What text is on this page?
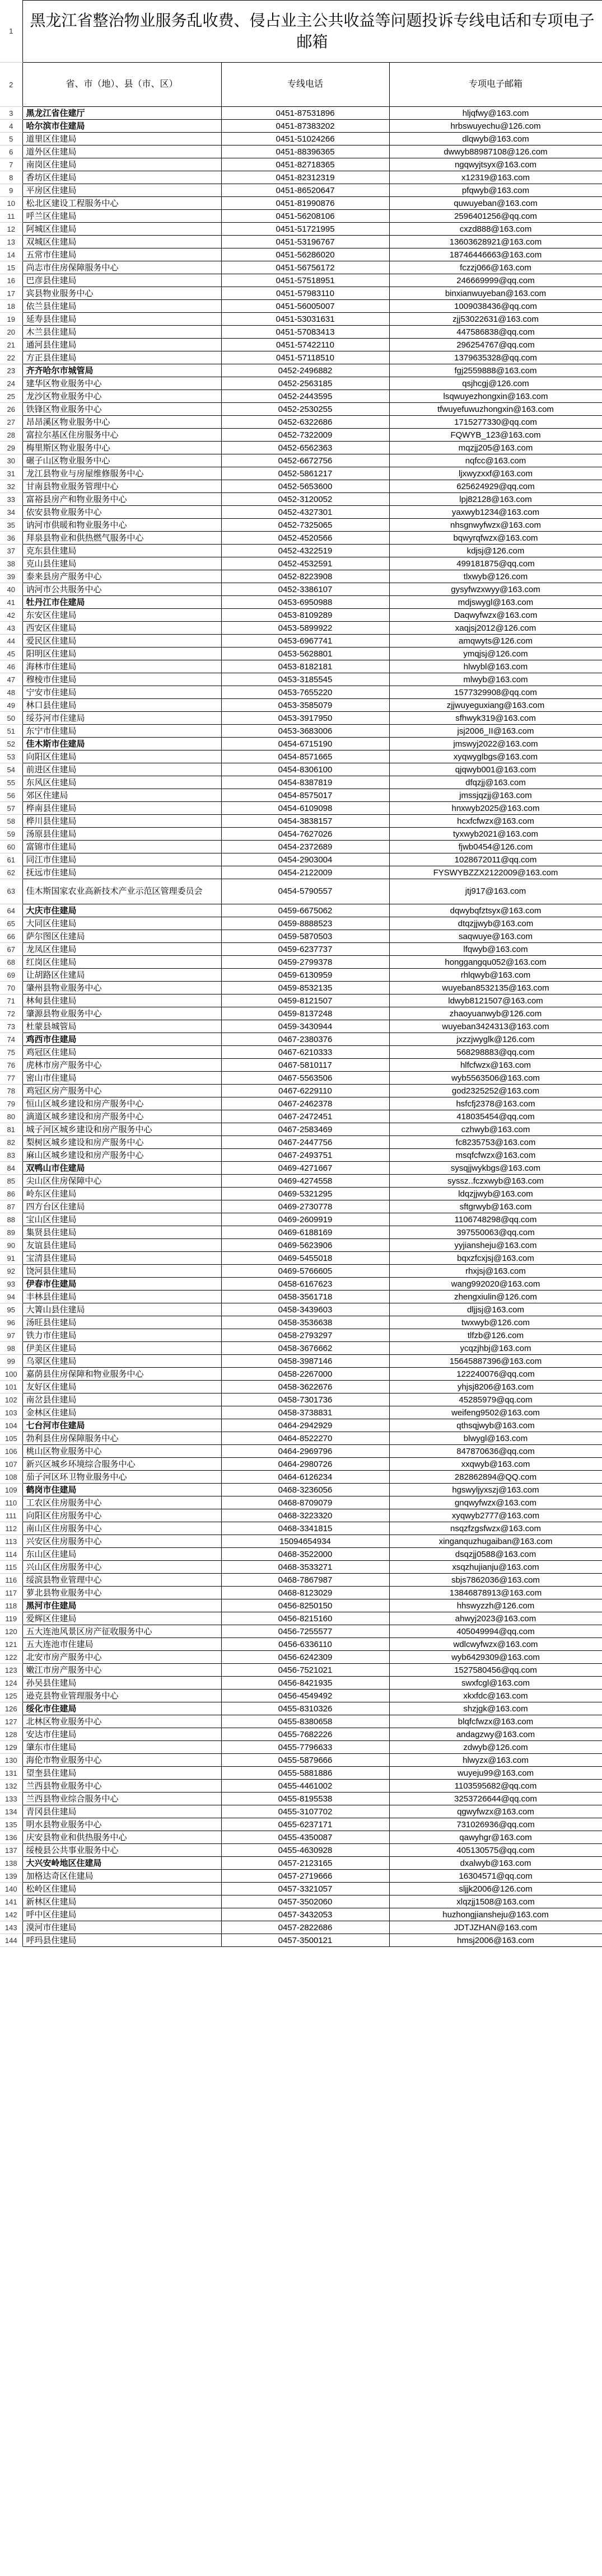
1	黑龙江省整治物业服务乱收费、侵占业主公共收益等问题投诉专线电话和专项电子邮箱		
2	省、市（地）、县（市、区）	专线电话	专项电子邮箱
3	黑龙江省住建厅	0451-87531896	hljqfwy@163.com
4	哈尔滨市住建局	0451-87383202	hrbswuyechu@126.com
5	道里区住建局	0451-51024266	dlqwyb@163.com
6	道外区住建局	0451-88396365	dwwyb88987108@126.com
7	南岗区住建局	0451-82718365	ngqwyjtsyx@163.com
8	香坊区住建局	0451-82312319	x12319@163.com
9	平房区住建局	0451-86520647	pfqwyb@163.com
10	松北区建设工程服务中心	0451-81990876	quwuyeban@163.com
11	呼兰区住建局	0451-56208106	2596401256@qq.com
12	阿城区住建局	0451-51721995	cxzd888@163.com
13	双城区住建局	0451-53196767	13603628921@163.com
14	五常市住建局	0451-56286020	18746446663@163.com
15	尚志市住房保障服务中心	0451-56756172	fczzj066@163.com
16	巴彦县住建局	0451-57518951	246669999@qq.com
17	宾县物业服务中心	0451-57983110	binxianwuyeban@163.com
18	依兰县住建局	0451-56005007	1009038436@qq.com
19	延寿县住建局	0451-53031631	zjj53022631@163.com
20	木兰县住建局	0451-57083413	447586838@qq.com
21	通河县住建局	0451-57422110	296254767@qq.com
22	方正县住建局	0451-57118510	1379635328@qq.com
23	齐齐哈尔市城管局	0452-2496882	fgj2559888@163.com
24	建华区物业服务中心	0452-2563185	qsjhcgj@126.com
25	龙沙区物业服务中心	0452-2443595	lsqwuyezhongxin@163.com
26	铁锋区物业服务中心	0452-2530255	tfwuyefuwuzhongxin@163.com
27	昂昂溪区物业服务中心	0452-6322686	1715277330@qq.com
28	富拉尔基区住房服务中心	0452-7322009	FQWYB_123@163.com
29	梅里斯区物业服务中心	0452-6562363	mqzjj205@163.com
30	碾子山区物业服务中心	0452-6672756	nqfcc@163.com
31	龙江县物业与房屋维修服务中心	0452-5861217	ljxwyzxxf@163.com
32	甘南县物业服务管理中心	0452-5653600	625624929@qq.com
33	富裕县房产和物业服务中心	0452-3120052	lpj82128@163.com
34	依安县物业服务中心	0452-4327301	yaxwyb1234@163.com
35	讷河市供暖和物业服务中心	0452-7325065	nhsgnwyfwzx@163.com
36	拜泉县物业和供热燃气服务中心	0452-4520566	bqwyrqfwzx@163.com
37	克东县住建局	0452-4322519	kdjsj@126.com
38	克山县住建局	0452-4532591	499181875@qq.com
39	泰来县房产服务中心	0452-8223908	tlxwyb@126.com
40	讷河市公共服务中心	0452-3386107	gysyfwzxwyy@163.com
41	牡丹江市住建局	0453-6950988	mdjswygl@163.com
42	东安区住建局	0453-8109289	Daqwyfwzx@163.com
43	西安区住建局	0453-5899922	xaqjsj2012@126.com
44	爱民区住建局	0453-6967741	amqwyts@126.com
45	阳明区住建局	0453-5628801	ymqjsj@126.com
46	海林市住建局	0453-8182181	hlwybl@163.com
47	穆棱市住建局	0453-3185545	mlwyb@163.com
48	宁安市住建局	0453-7655220	1577329908@qq.com
49	林口县住建局	0453-3585079	zjjwuyeguxiang@163.com
50	绥芬河市住建局	0453-3917950	sfhwyk319@163.com
51	东宁市住建局	0453-3683006	jsj2006_II@163.com
52	佳木斯市住建局	0454-6715190	jmswyj2022@163.com
53	向阳区住建局	0454-8571665	xyqwyglbgs@163.com
54	前进区住建局	0454-8306100	qjqwyb001@163.com
55	东风区住建局	0454-8387819	dfqzjj@163.com
56	郊区住建局	0454-8575017	jmssjqzjj@163.com
57	桦南县住建局	0454-6109098	hnxwyb2025@163.com
58	桦川县住建局	0454-3838157	hcxfcfwzx@163.com
59	汤原县住建局	0454-7627026	tyxwyb2021@163.com
60	富锦市住建局	0454-2372689	fjwb0454@126.com
61	同江市住建局	0454-2903004	1028672011@qq.com
62	抚远市住建局	0454-2122009	FYSWYBZZX2122009@163.com
63	佳木斯国家农业高新技术产业示范区管理委员会	0454-5790557	jtj917@163.com
64	大庆市住建局	0459-6675062	dqwybqfztsyx@163.com
65	大同区住建局	0459-8888523	dtqzjjwyb@163.com
66	萨尔图区住建局	0459-5870503	saqwuye@163.com
67	龙凤区住建局	0459-6237737	lfqwyb@163.com
68	红岗区住建局	0459-2799378	honggangqu052@163.com
69	让胡路区住建局	0459-6130959	rhlqwyb@163.com
70	肇州县物业服务中心	0459-8532135	wuyeban8532135@163.com
71	林甸县住建局	0459-8121507	ldwyb8121507@163.com
72	肇源县物业服务中心	0459-8137248	zhaoyuanwyb@126.com
73	杜蒙县城管局	0459-3430944	wuyeban3424313@163.com
74	鸡西市住建局	0467-2380376	jxzzjwyglk@126.com
75	鸡冠区住建局	0467-6210333	568298883@qq.com
76	虎林市房产服务中心	0467-5810117	hlfcfwzx@163.com
77	密山市住建局	0467-5563506	wyb5563506@163.com
78	鸡冠区房产服务中心	0467-6229110	god2325252@163.com
79	恒山区城乡建设和房产服务中心	0467-2462378	hsfcfj2378@163.com
80	滴道区城乡建设和房产服务中心	0467-2472451	418035454@qq.com
81	城子河区城乡建设和房产服务中心	0467-2583469	czhwyb@163.com
82	梨树区城乡建设和房产服务中心	0467-2447756	fc8235753@163.com
83	麻山区城乡建设和房产服务中心	0467-2493751	msqfcfwzx@163.com
84	双鸭山市住建局	0469-4271667	sysqjjwykbgs@163.com
85	尖山区住房保障中心	0469-4274558	syssz..fczxwyb@163.com
86	岭东区住建局	0469-5321295	ldqzjjwyb@163.com
87	四方台区住建局	0469-2730778	sftgrwyb@163.com
88	宝山区住建局	0469-2609919	1106748298@qq.com
89	集贤县住建局	0469-6188169	397550063@qq.com
90	友谊县住建局	0469-5623906	yyjiansheju@163.com
91	宝清县住建局	0469-5455018	bqxzfcxjsj@163.com
92	饶河县住建局	0469-5766605	rhxjsj@163.com
93	伊春市住建局	0458-6167623	wang992020@163.com
94	丰林县住建局	0458-3561718	zhengxiulin@126.com
95	大箐山县住建局	0458-3439603	dljjsj@163.com
96	汤旺县住建局	0458-3536638	twxwyb@126.com
97	铁力市住建局	0458-2793297	tlfzb@126.com
98	伊美区住建局	0458-3676662	ycqzjhbj@163.com
99	乌翠区住建局	0458-3987146	15645887396@163.com
100	嘉荫县住房保障和物业服务中心	0458-2267000	122240076@qq.com
101	友好区住建局	0458-3622676	yhjsj8206@163.com
102	南岔县住建局	0458-7301736	45285979@qq.com
103	金林区住建局	0458-3738831	weifeng9502@163.com
104	七台河市住建局	0464-2942929	qthsqjwyb@163.com
105	勃利县住房保障服务中心	0464-8522270	blwygl@163.com
106	桃山区物业服务中心	0464-2969796	847870636@qq.com
107	新兴区城乡环境综合服务中心	0464-2980726	xxqwyb@163.com
108	茄子河区环卫物业服务中心	0464-6126234	282862894@QQ.com
109	鹤岗市住建局	0468-3236056	hgswyljyxszj@163.com
110	工农区住房服务中心	0468-8709079	gnqwyfwzx@163.com
111	向阳区住房服务中心	0468-3223320	xyqwyb2777@163.com
112	南山区住房服务中心	0468-3341815	nsqzfzgsfwzx@163.com
113	兴安区住房服务中心	15094654934	xinganquzhugaiban@163.com
114	东山区住建局	0468-3522000	dsqzjj0588@163.com
115	兴山区住房服务中心	0468-3533271	xsqzhujianju@163.com
116	绥滨县物业管理中心	0468-7867987	sbjs7862036@163.com
117	萝北县物业服务中心	0468-8123029	13846878913@163.com
118	黑河市住建局	0456-8250150	hhswyzzh@126.com
119	爱辉区住建局	0456-8215160	ahwyj2023@163.com
120	五大连池风景区房产征收服务中心	0456-7255577	405049994@qq.com
121	五大连池市住建局	0456-6336110	wdlcwyfwzx@163.com
122	北安市房产服务中心	0456-6242309	wyb6429309@163.com
123	嫩江市房产服务中心	0456-7521021	1527580456@qq.com
124	孙吴县住建局	0456-8421935	swxfcgl@163.com
125	逊克县物业管理服务中心	0456-4549492	xkxfdc@163.com
126	绥化市住建局	0455-8310326	shzjgk@163.com
127	北林区物业服务中心	0455-8380658	blqfcfwzx@163.com
128	安达市住建局	0455-7682226	andagzwy@163.com
129	肇东市住建局	0455-7796633	zdwyb@126.com
130	海伦市物业服务中心	0455-5879666	hlwyzx@163.com
131	望奎县住建局	0455-5881886	wuyeju99@163.com
132	兰西县物业服务中心	0455-4461002	1103595682@qq.com
133	兰西县物业综合服务中心	0455-8195538	3253726644@qq.com
134	青冈县住建局	0455-3107702	qgwyfwzx@163.com
135	明水县物业服务中心	0455-6237171	731026936@qq.com
136	庆安县物业和供热服务中心	0455-4350087	qawyhgr@163.com
137	绥棱县公共事业服务中心	0455-4630928	405130575@qq.com
138	大兴安岭地区住建局	0457-2123165	dxalwyb@163.com
139	加格达奇区住建局	0457-2719666	16304571@qq.com
140	松岭区住建局	0457-3321057	sljjk2006@126.com
141	新林区住建局	0457-3502060	xlqzjj1508@163.com
142	呼中区住建局	0457-3432053	huzhongjiansheju@163.com
143	漠河市住建局	0457-2822686	JDTJZHAN@163.com
144	呼玛县住建局	0457-3500121	hmsj2006@163.com
